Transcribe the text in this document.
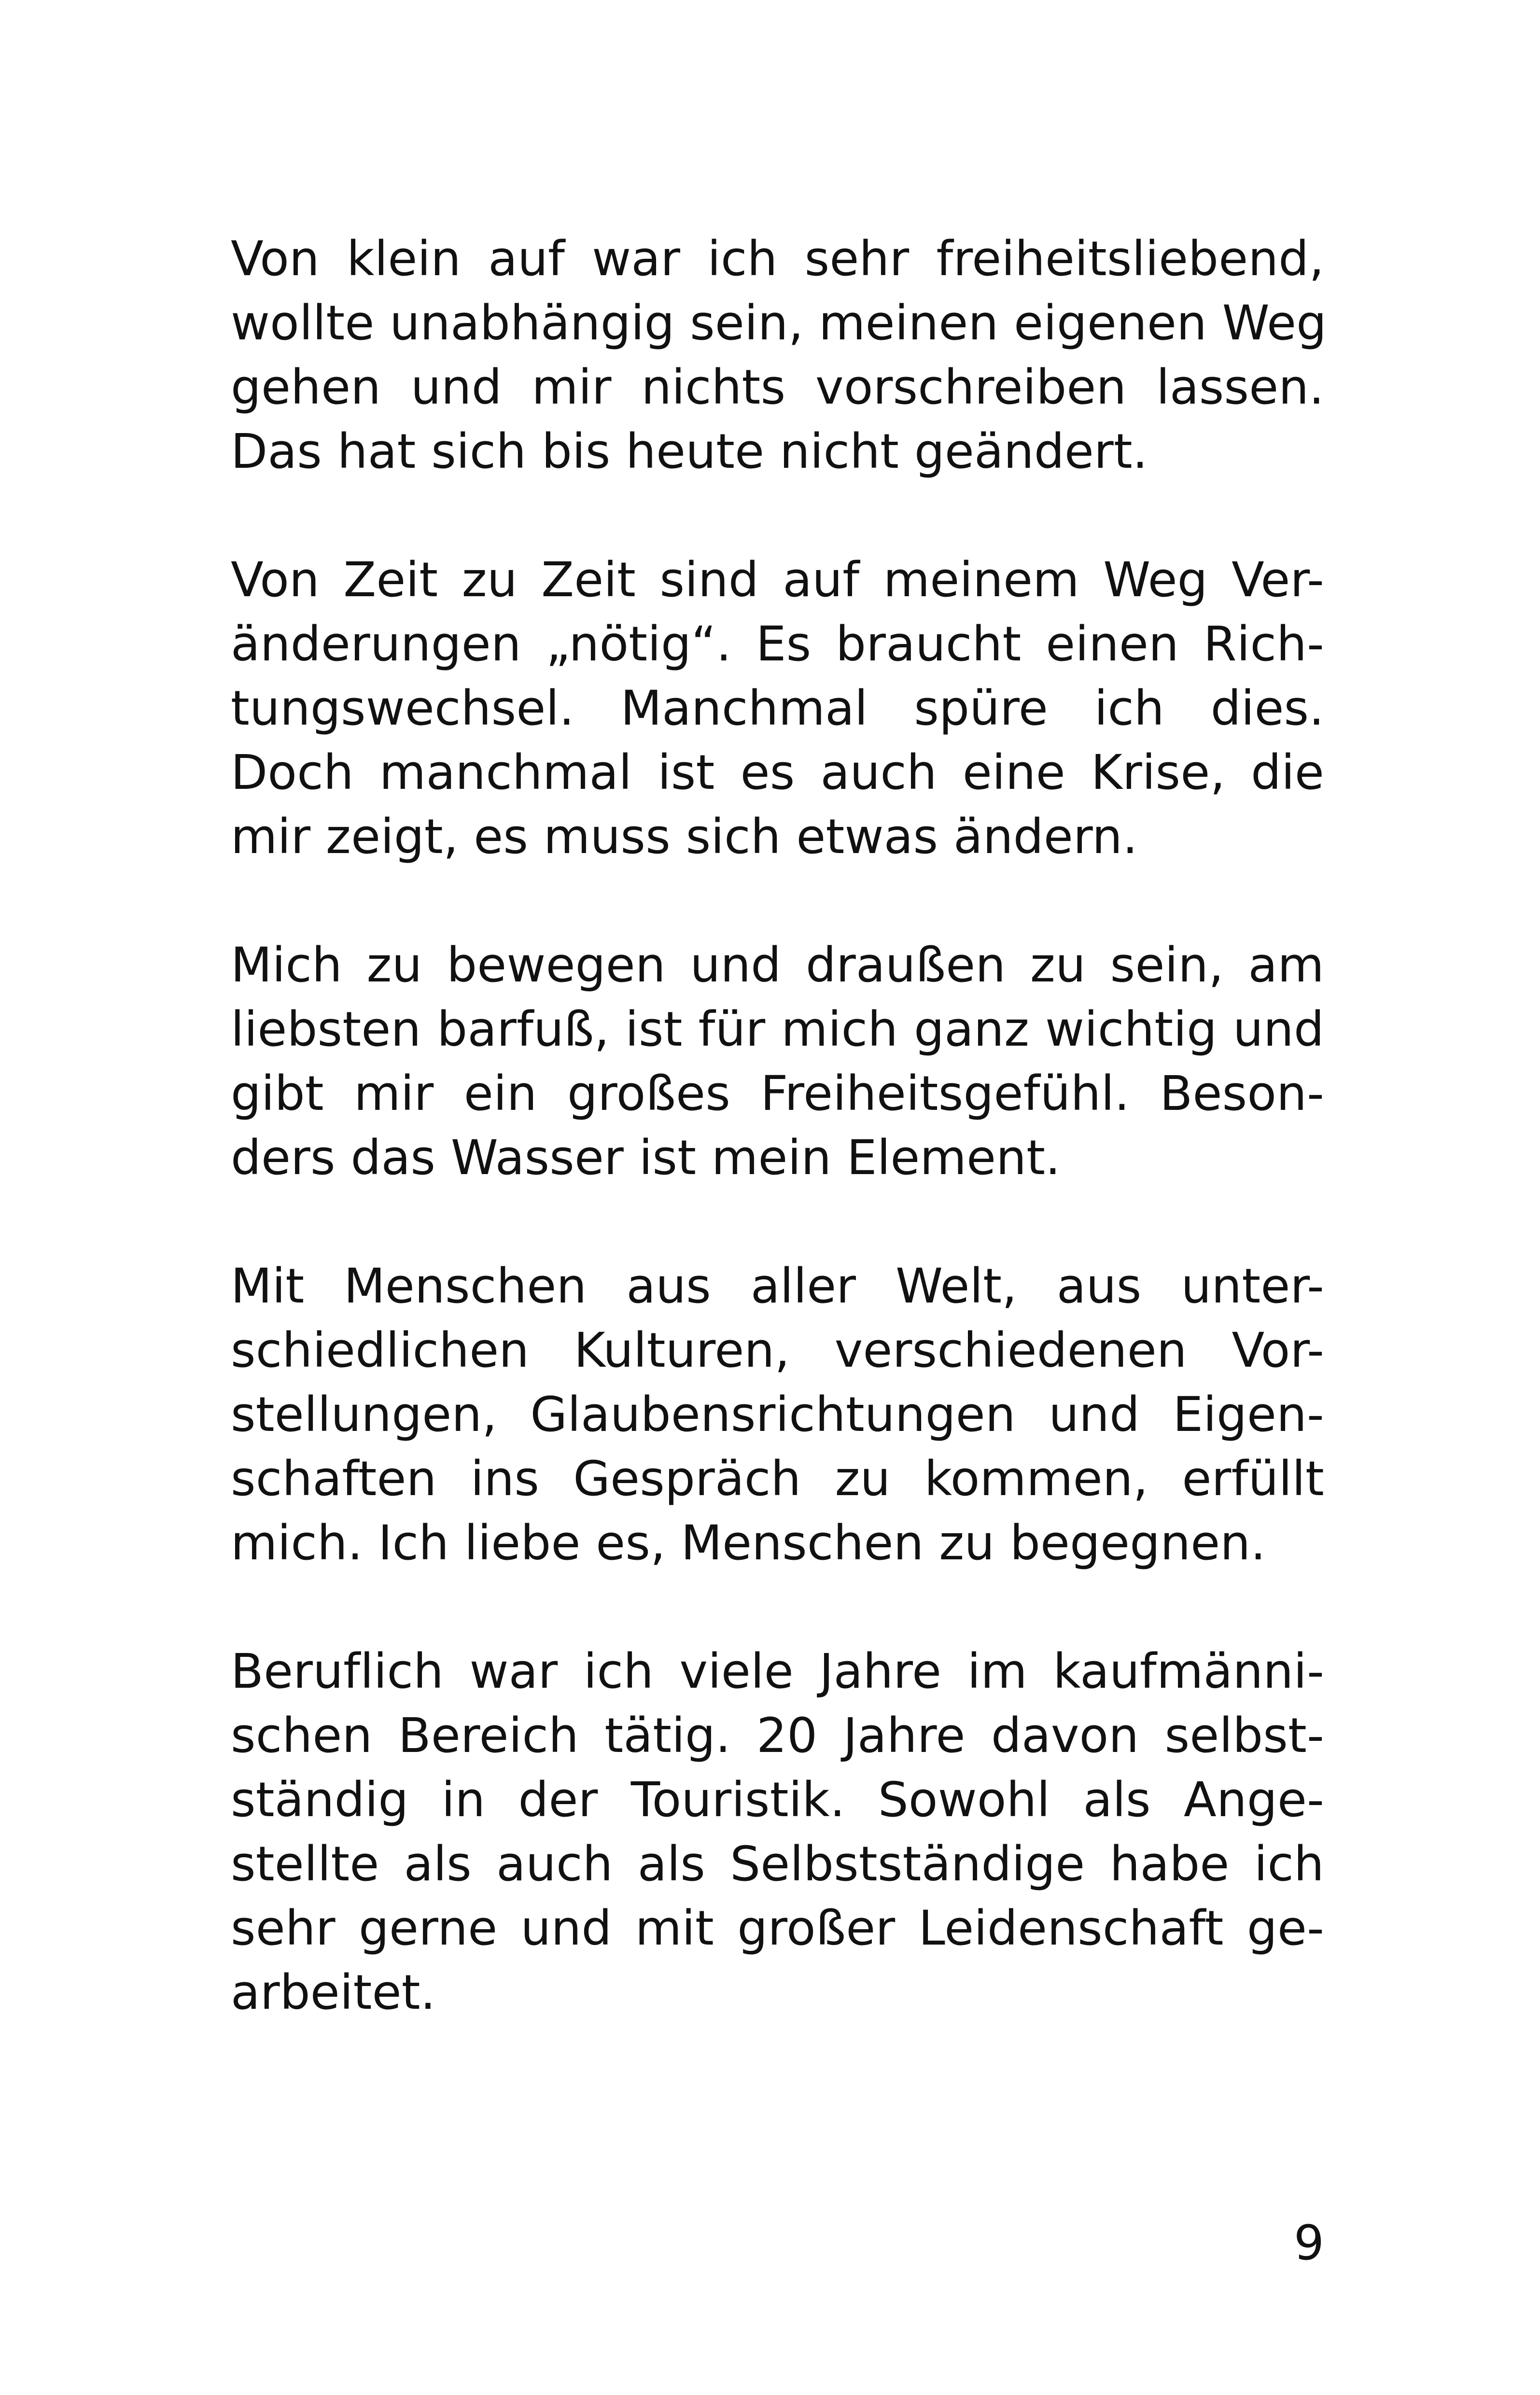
Von klein auf war ich sehr freiheitsliebend,
wollte unabhängig sein, meinen eigenen Weg
gehen und mir nichts vorschreiben lassen.
Das hat sich bis heute nicht geändert.
Von Zeit zu Zeit sind auf meinem Weg Ver-
änderungen „nötig“. Es braucht einen Rich-
tungswechsel. Manchmal spüre ich dies.
Doch manchmal ist es auch eine Krise, die
mir zeigt, es muss sich etwas ändern.
Mich zu bewegen und draußen zu sein, am
liebsten barfuß, ist für mich ganz wichtig und
gibt mir ein großes Freiheitsgefühl. Beson-
ders das Wasser ist mein Element.
Mit Menschen aus aller Welt, aus unter-
schiedlichen Kulturen, verschiedenen Vor-
stellungen, Glaubensrichtungen und Eigen-
schaften ins Gespräch zu kommen, erfüllt
mich. Ich liebe es, Menschen zu begegnen.
Beruflich war ich viele Jahre im kaufmänni-
schen Bereich tätig. 20 Jahre davon selbst-
ständig in der Touristik. Sowohl als Ange-
stellte als auch als Selbstständige habe ich
sehr gerne und mit großer Leidenschaft ge-
arbeitet.
9
